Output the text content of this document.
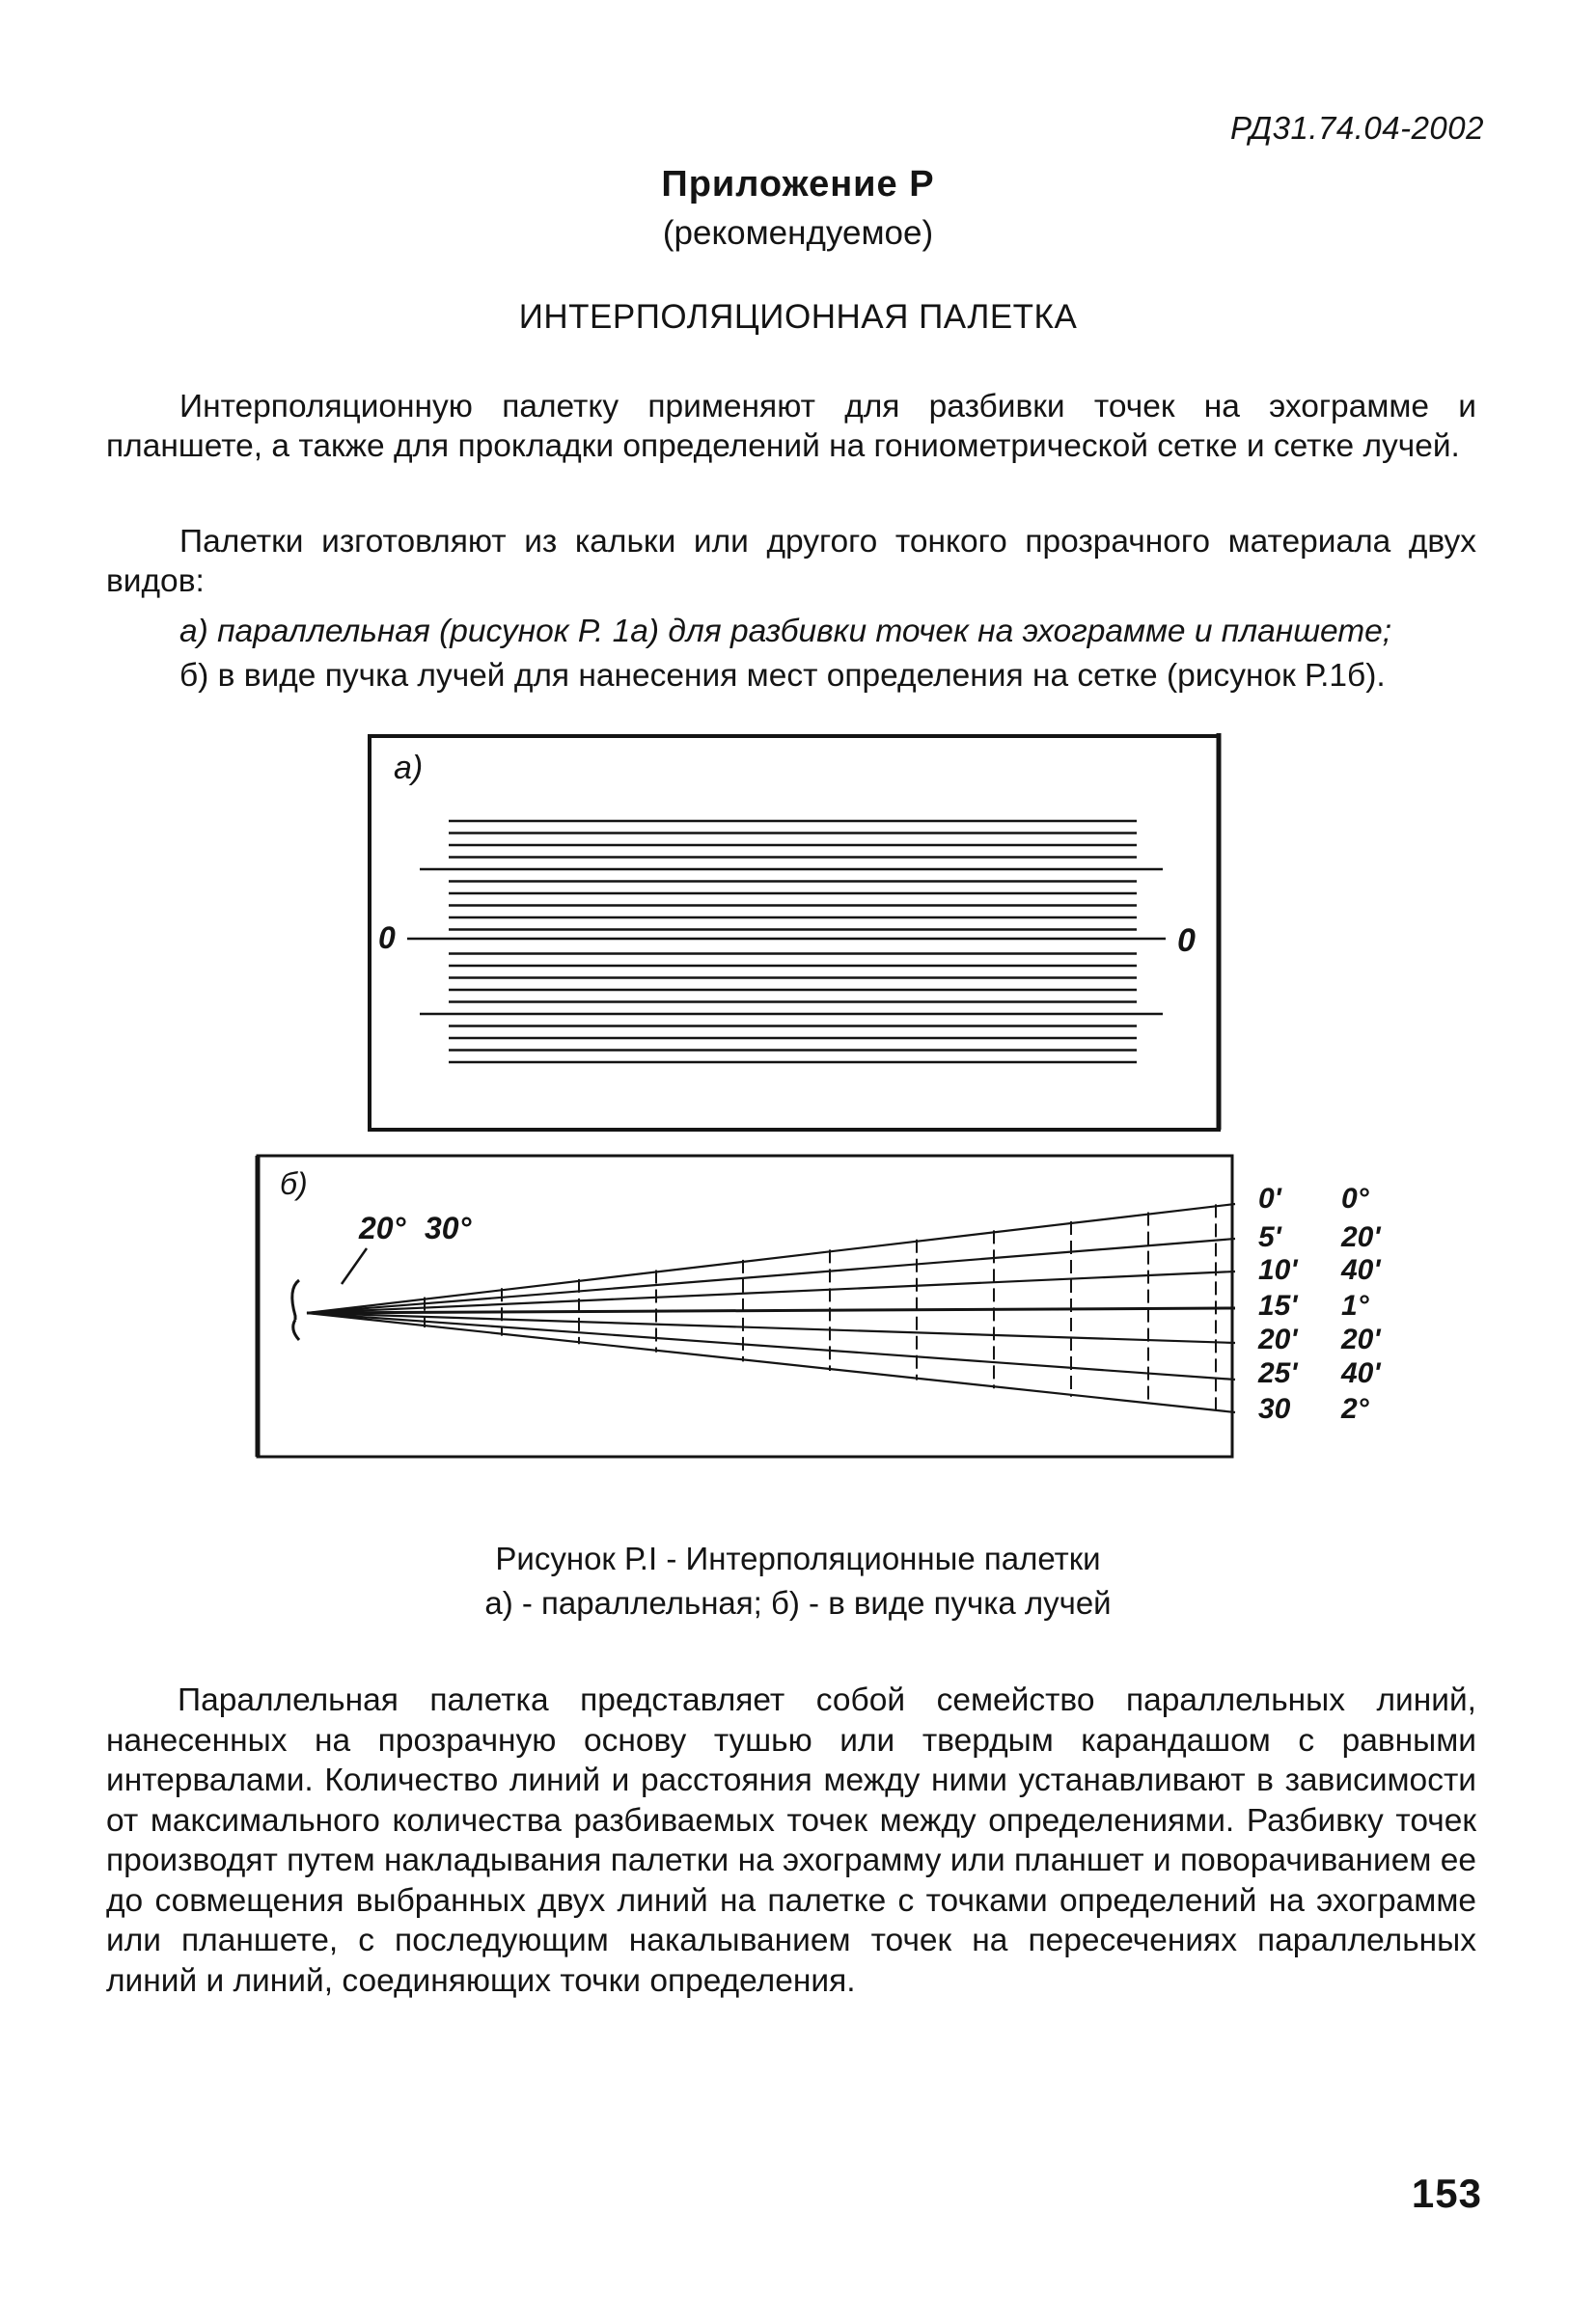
РД31.74.04-2002
Приложение Р
(рекомендуемое)
ИНТЕРПОЛЯЦИОННАЯ ПАЛЕТКА

Интерполяционную палетку применяют для разбивки точек на эхограмме и планшете, а также для прокладки определений на гониометрической сетке и сетке лучей.

Палетки изготовляют из кальки или другого тонкого прозрачного материала двух видов:

а) параллельная (рисунок Р. 1а) для разбивки точек на эхограмме и планшете;

б) в виде пучка лучей для нанесения мест определения на сетке (рисунок Р.1б).

а)
0	0
б)
20° 30°
0'
5'
10'
15'
20'
25'
30
0°
20'
40'
1°
20'
40'
2°
Рисунок Р.I - Интерполяционные палетки
а) - параллельная; б) - в виде пучка лучей

Параллельная палетка представляет собой семейство параллельных линий, нанесенных на прозрачную основу тушью или твердым карандашом с равными интервалами. Количество линий и расстояния между ними устанавливают в зависимости от максимального количества разбиваемых точек между определениями. Разбивку точек производят путем накладывания палетки на эхограмму или планшет и поворачиванием ее до совмещения выбранных двух линий на палетке с точками определений на эхограмме или планшете, с последующим накалыванием точек на пересечениях параллельных линий и линий, соединяющих точки определения.

153
